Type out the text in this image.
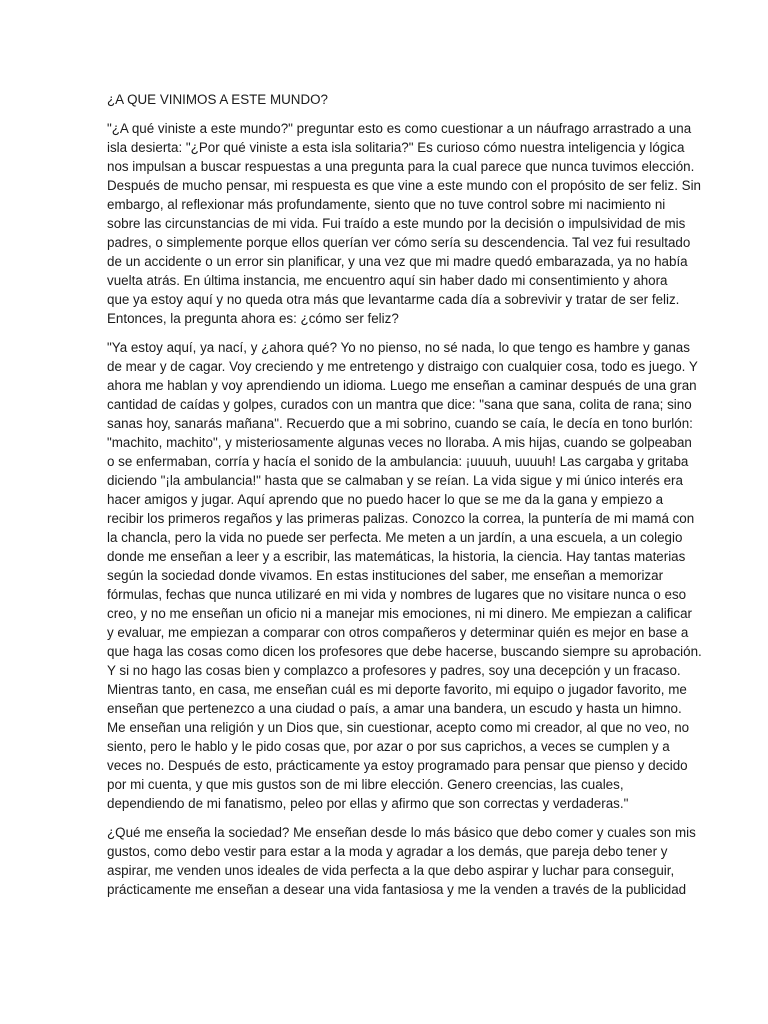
¿A QUE VINIMOS A ESTE MUNDO?

"¿A qué viniste a este mundo?" preguntar esto es como cuestionar a un náufrago arrastrado a una
isla desierta: "¿Por qué viniste a esta isla solitaria?" Es curioso cómo nuestra inteligencia y lógica
nos impulsan a buscar respuestas a una pregunta para la cual parece que nunca tuvimos elección.
Después de mucho pensar, mi respuesta es que vine a este mundo con el propósito de ser feliz. Sin
embargo, al reflexionar más profundamente, siento que no tuve control sobre mi nacimiento ni
sobre las circunstancias de mi vida. Fui traído a este mundo por la decisión o impulsividad de mis
padres, o simplemente porque ellos querían ver cómo sería su descendencia. Tal vez fui resultado
de un accidente o un error sin planificar, y una vez que mi madre quedó embarazada, ya no había
vuelta atrás. En última instancia, me encuentro aquí sin haber dado mi consentimiento y ahora
que ya estoy aquí y no queda otra más que levantarme cada día a sobrevivir y tratar de ser feliz.
Entonces, la pregunta ahora es: ¿cómo ser feliz?

"Ya estoy aquí, ya nací, y ¿ahora qué? Yo no pienso, no sé nada, lo que tengo es hambre y ganas
de mear y de cagar. Voy creciendo y me entretengo y distraigo con cualquier cosa, todo es juego. Y
ahora me hablan y voy aprendiendo un idioma. Luego me enseñan a caminar después de una gran
cantidad de caídas y golpes, curados con un mantra que dice: "sana que sana, colita de rana; sino
sanas hoy, sanarás mañana". Recuerdo que a mi sobrino, cuando se caía, le decía en tono burlón:
"machito, machito", y misteriosamente algunas veces no lloraba. A mis hijas, cuando se golpeaban
o se enfermaban, corría y hacía el sonido de la ambulancia: ¡uuuuh, uuuuh! Las cargaba y gritaba
diciendo "¡la ambulancia!" hasta que se calmaban y se reían. La vida sigue y mi único interés era
hacer amigos y jugar. Aquí aprendo que no puedo hacer lo que se me da la gana y empiezo a
recibir los primeros regaños y las primeras palizas. Conozco la correa, la puntería de mi mamá con
la chancla, pero la vida no puede ser perfecta. Me meten a un jardín, a una escuela, a un colegio
donde me enseñan a leer y a escribir, las matemáticas, la historia, la ciencia. Hay tantas materias
según la sociedad donde vivamos. En estas instituciones del saber, me enseñan a memorizar
fórmulas, fechas que nunca utilizaré en mi vida y nombres de lugares que no visitare nunca o eso
creo, y no me enseñan un oficio ni a manejar mis emociones, ni mi dinero. Me empiezan a calificar
y evaluar, me empiezan a comparar con otros compañeros y determinar quién es mejor en base a
que haga las cosas como dicen los profesores que debe hacerse, buscando siempre su aprobación.
Y si no hago las cosas bien y complazco a profesores y padres, soy una decepción y un fracaso.
Mientras tanto, en casa, me enseñan cuál es mi deporte favorito, mi equipo o jugador favorito, me
enseñan que pertenezco a una ciudad o país, a amar una bandera, un escudo y hasta un himno.
Me enseñan una religión y un Dios que, sin cuestionar, acepto como mi creador, al que no veo, no
siento, pero le hablo y le pido cosas que, por azar o por sus caprichos, a veces se cumplen y a
veces no. Después de esto, prácticamente ya estoy programado para pensar que pienso y decido
por mi cuenta, y que mis gustos son de mi libre elección. Genero creencias, las cuales,
dependiendo de mi fanatismo, peleo por ellas y afirmo que son correctas y verdaderas."

¿Qué me enseña la sociedad? Me enseñan desde lo más básico que debo comer y cuales son mis
gustos, como debo vestir para estar a la moda y agradar a los demás, que pareja debo tener y
aspirar, me venden unos ideales de vida perfecta a la que debo aspirar y luchar para conseguir,
prácticamente me enseñan a desear una vida fantasiosa y me la venden a través de la publicidad
